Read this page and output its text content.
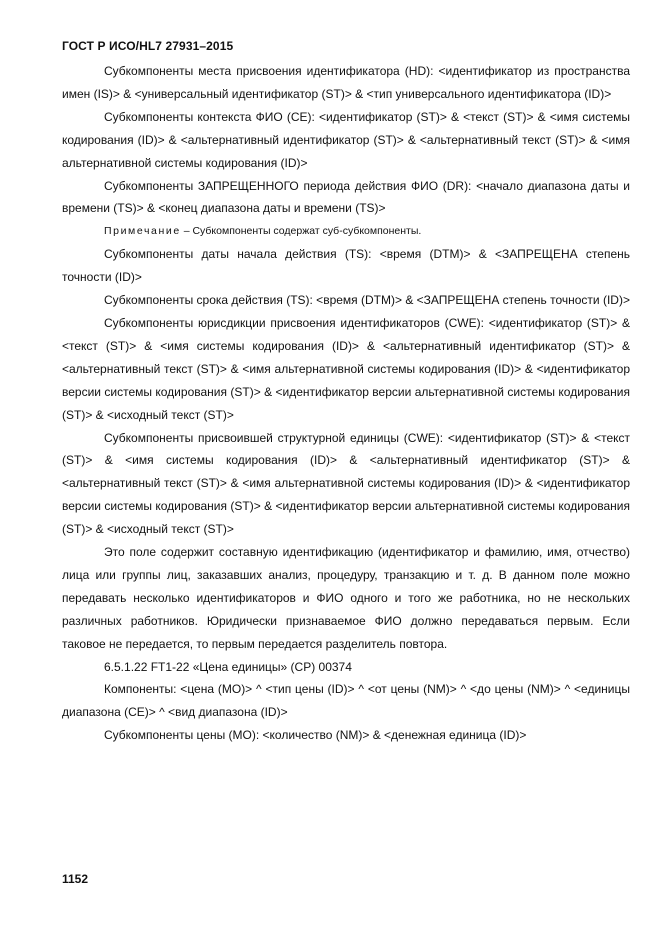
ГОСТ Р ИСО/HL7 27931–2015

Субкомпоненты места присвоения идентификатора (HD): <идентификатор из пространства имен (IS)> & <универсальный идентификатор (ST)> & <тип универсального идентификатора (ID)>

Субкомпоненты контекста ФИО (CE): <идентификатор (ST)> & <текст (ST)> & <имя системы кодирования (ID)> & <альтернативный идентификатор (ST)> & <альтернативный текст (ST)> & <имя альтернативной системы кодирования (ID)>

Субкомпоненты ЗАПРЕЩЕННОГО периода действия ФИО (DR): <начало диапазона даты и времени (TS)> & <конец диапазона даты и времени (TS)>

Примечание – Субкомпоненты содержат суб-субкомпоненты.

Субкомпоненты даты начала действия (TS): <время (DTM)> & <ЗАПРЕЩЕНА степень точности (ID)>

Субкомпоненты срока действия (TS): <время (DTM)> & <ЗАПРЕЩЕНА степень точности (ID)>

Субкомпоненты юрисдикции присвоения идентификаторов (CWE): <идентификатор (ST)> & <текст (ST)> & <имя системы кодирования (ID)> & <альтернативный идентификатор (ST)> & <альтернативный текст (ST)> & <имя альтернативной системы кодирования (ID)> & <идентификатор версии системы кодирования (ST)> & <идентификатор версии альтернативной системы кодирования (ST)> & <исходный текст (ST)>

Субкомпоненты присвоившей структурной единицы (CWE): <идентификатор (ST)> & <текст (ST)> & <имя системы кодирования (ID)> & <альтернативный идентификатор (ST)> & <альтернативный текст (ST)> & <имя альтернативной системы кодирования (ID)> & <идентификатор версии системы кодирования (ST)> & <идентификатор версии альтернативной системы кодирования (ST)> & <исходный текст (ST)>

Это поле содержит составную идентификацию (идентификатор и фамилию, имя, отчество) лица или группы лиц, заказавших анализ, процедуру, транзакцию и т. д. В данном поле можно передавать несколько идентификаторов и ФИО одного и того же работника, но не нескольких различных работников. Юридически признаваемое ФИО должно передаваться первым. Если таковое не передается, то первым передается разделитель повтора.

6.5.1.22 FT1-22 «Цена единицы» (CP) 00374

Компоненты: <цена (MO)> ^ <тип цены (ID)> ^ <от цены (NM)> ^ <до цены (NM)> ^ <единицы диапазона (CE)> ^ <вид диапазона (ID)>

Субкомпоненты цены (MO): <количество (NM)> & <денежная единица (ID)>

1152
